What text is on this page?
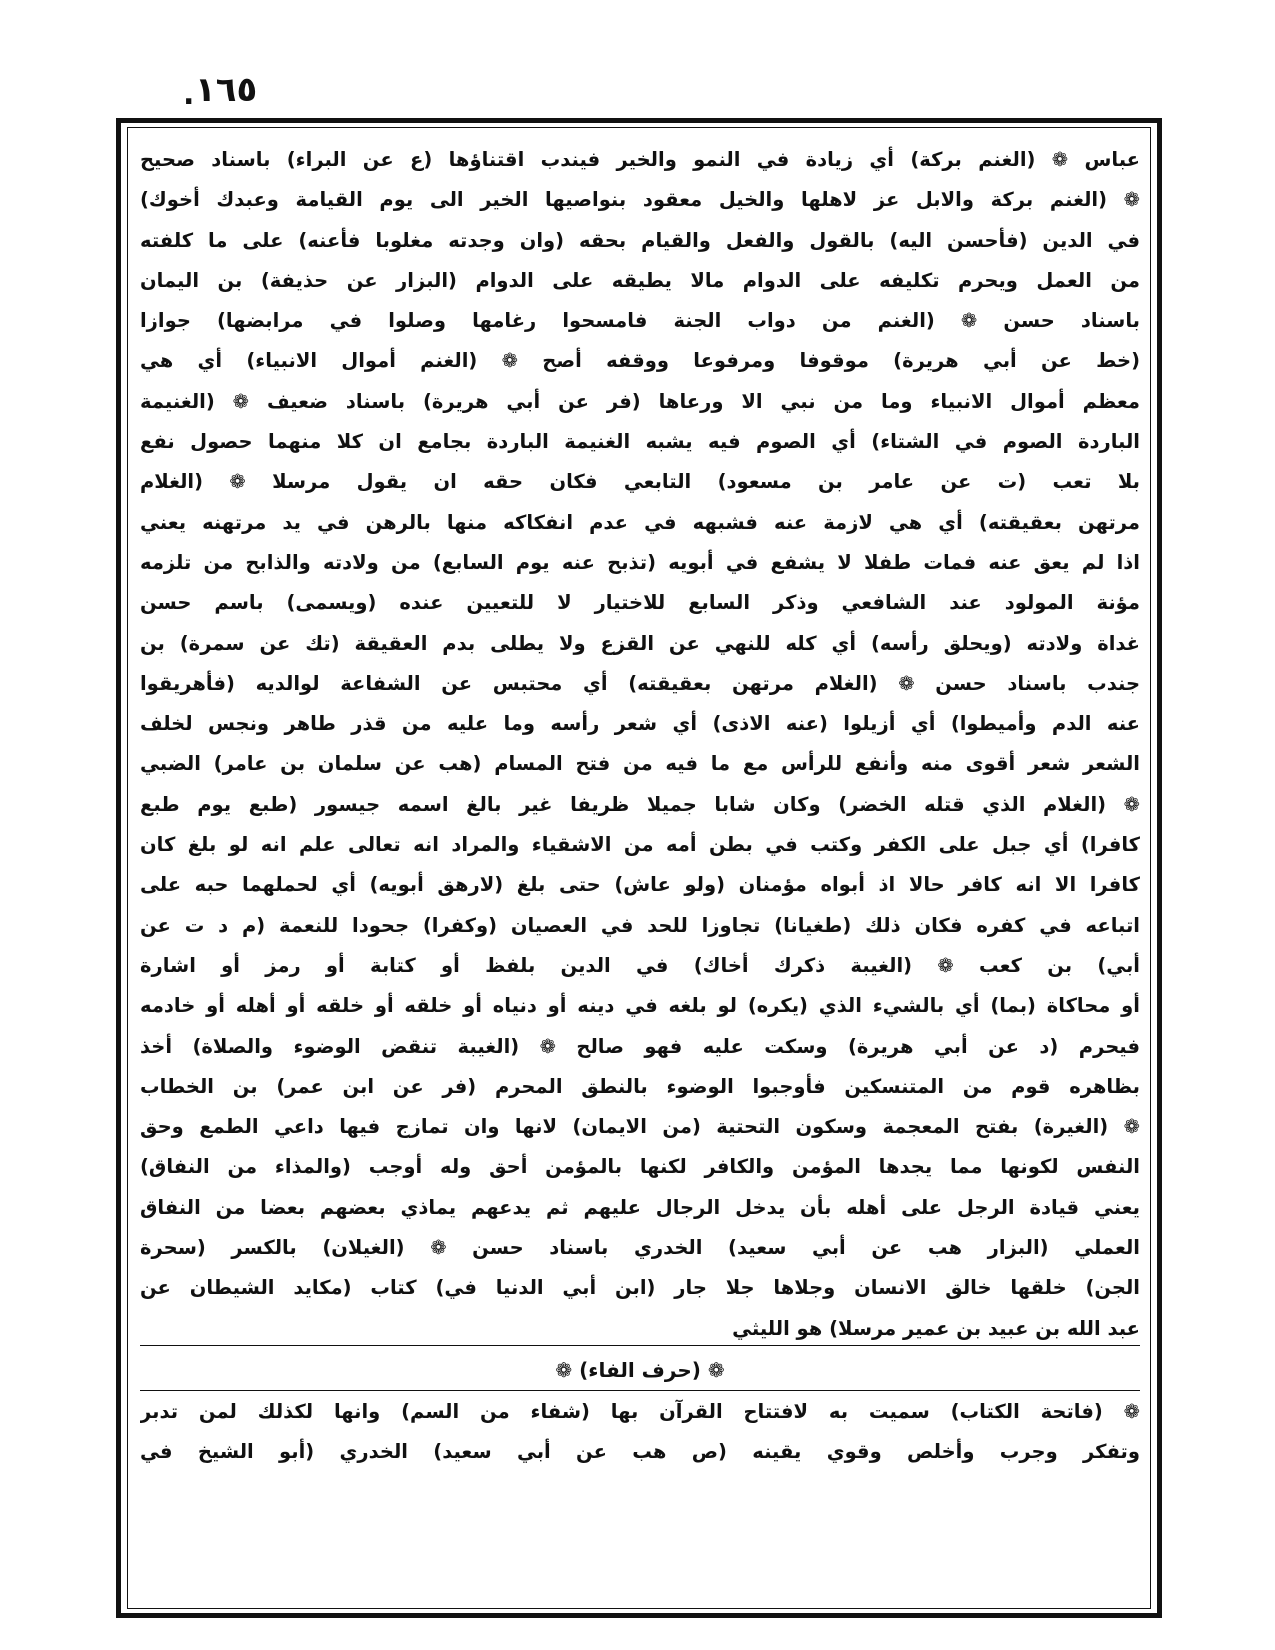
. ١٦٥
عباس ❁ (الغنم بركة) أي زيادة في النمو والخير فيندب اقتناؤها (ع عن البراء) باسناد صحيح
❁ (الغنم بركة والابل عز لاهلها والخيل معقود بنواصيها الخير الى يوم القيامة وعبدك أخوك)
في الدين (فأحسن اليه) بالقول والفعل والقيام بحقه (وان وجدته مغلوبا فأعنه) على ما كلفته
من العمل ويحرم تكليفه على الدوام مالا يطيقه على الدوام (البزار عن حذيفة) بن اليمان
باسناد حسن ❁ (الغنم من دواب الجنة فامسحوا رغامها وصلوا في مرابضها) جوازا
(خط عن أبي هريرة) موقوفا ومرفوعا ووقفه أصح ❁ (الغنم أموال الانبياء) أي هي
معظم أموال الانبياء وما من نبي الا ورعاها (فر عن أبي هريرة) باسناد ضعيف ❁ (الغنيمة
الباردة الصوم في الشتاء) أي الصوم فيه يشبه الغنيمة الباردة بجامع ان كلا منهما حصول نفع
بلا تعب (ت عن عامر بن مسعود) التابعي فكان حقه ان يقول مرسلا ❁ (الغلام
مرتهن بعقيقته) أي هي لازمة عنه فشبهه في عدم انفكاكه منها بالرهن في يد مرتهنه يعني
اذا لم يعق عنه فمات طفلا لا يشفع في أبويه (تذبح عنه يوم السابع) من ولادته والذابح من تلزمه
مؤنة المولود عند الشافعي وذكر السابع للاختيار لا للتعيين عنده (ويسمى) باسم حسن
غداة ولادته (ويحلق رأسه) أي كله للنهي عن القزع ولا يطلى بدم العقيقة (تك عن سمرة) بن
جندب باسناد حسن ❁ (الغلام مرتهن بعقيقته) أي محتبس عن الشفاعة لوالديه (فأهريقوا
عنه الدم وأميطوا) أي أزيلوا (عنه الاذى) أي شعر رأسه وما عليه من قذر طاهر ونجس لخلف
الشعر شعر أقوى منه وأنفع للرأس مع ما فيه من فتح المسام (هب عن سلمان بن عامر) الضبي
❁ (الغلام الذي قتله الخضر) وكان شابا جميلا ظريفا غير بالغ اسمه جيسور (طبع يوم طبع
كافرا) أي جبل على الكفر وكتب في بطن أمه من الاشقياء والمراد انه تعالى علم انه لو بلغ كان
كافرا الا انه كافر حالا اذ أبواه مؤمنان (ولو عاش) حتى بلغ (لارهق أبويه) أي لحملهما حبه على
اتباعه في كفره فكان ذلك (طغيانا) تجاوزا للحد في العصيان (وكفرا) جحودا للنعمة (م د ت عن
أبي) بن كعب ❁ (الغيبة ذكرك أخاك) في الدين بلفظ أو كتابة أو رمز أو اشارة
أو محاكاة (بما) أي بالشيء الذي (يكره) لو بلغه في دينه أو دنياه أو خلقه أو خلقه أو أهله أو خادمه
فيحرم (د عن أبي هريرة) وسكت عليه فهو صالح ❁ (الغيبة تنقض الوضوء والصلاة) أخذ
بظاهره قوم من المتنسكين فأوجبوا الوضوء بالنطق المحرم (فر عن ابن عمر) بن الخطاب
❁ (الغيرة) بفتح المعجمة وسكون التحتية (من الايمان) لانها وان تمازج فيها داعي الطمع وحق
النفس لكونها مما يجدها المؤمن والكافر لكنها بالمؤمن أحق وله أوجب (والمذاء من النفاق)
يعني قيادة الرجل على أهله بأن يدخل الرجال عليهم ثم يدعهم يماذي بعضهم بعضا من النفاق
العملي (البزار هب عن أبي سعيد) الخدري باسناد حسن ❁ (الغيلان) بالكسر (سحرة
الجن) خلقها خالق الانسان وجلاها جلا جار (ابن أبي الدنيا في) كتاب (مكايد الشيطان عن
عبد الله بن عبيد بن عمير مرسلا) هو الليثي
❁ (حرف الفاء) ❁
❁ (فاتحة الكتاب) سميت به لافتتاح القرآن بها (شفاء من السم) وانها لكذلك لمن تدبر
وتفكر وجرب وأخلص وقوي يقينه (ص هب عن أبي سعيد) الخدري (أبو الشيخ في
